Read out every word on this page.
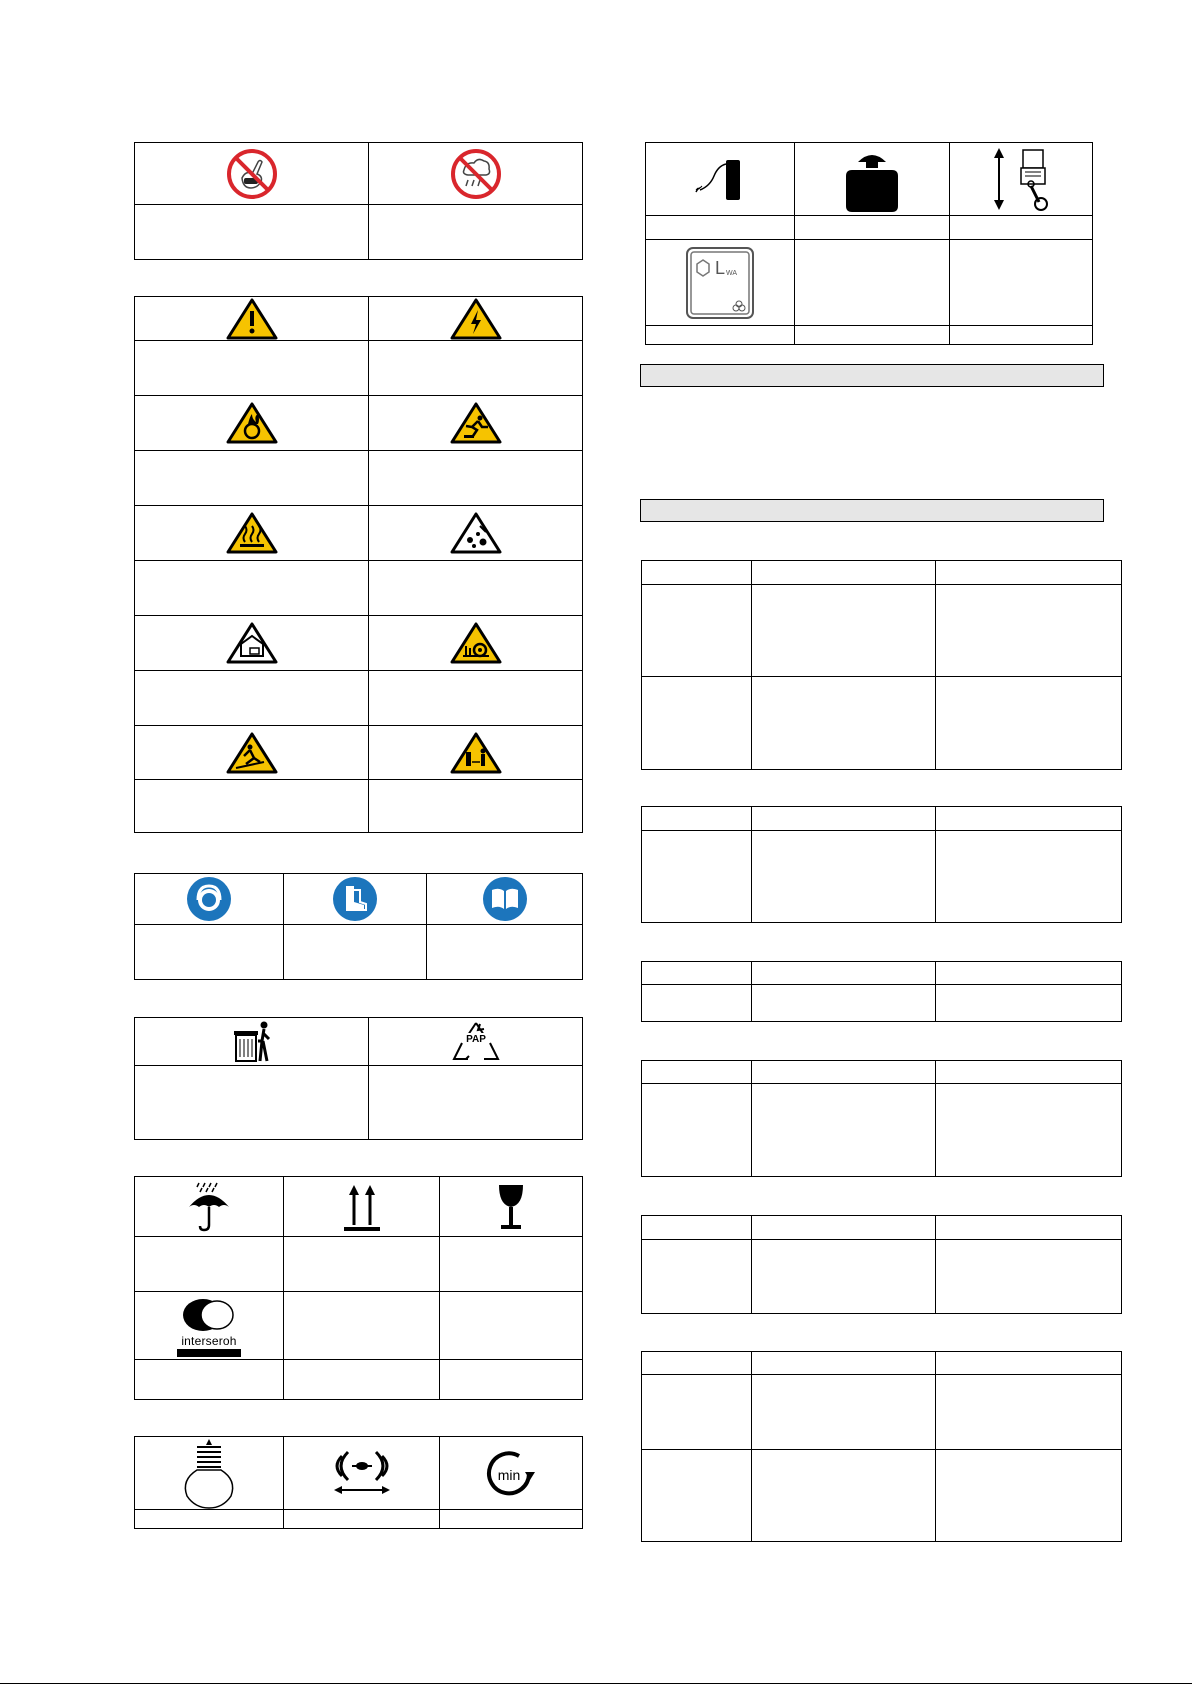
PAP

interseroh		

min

L WA		
